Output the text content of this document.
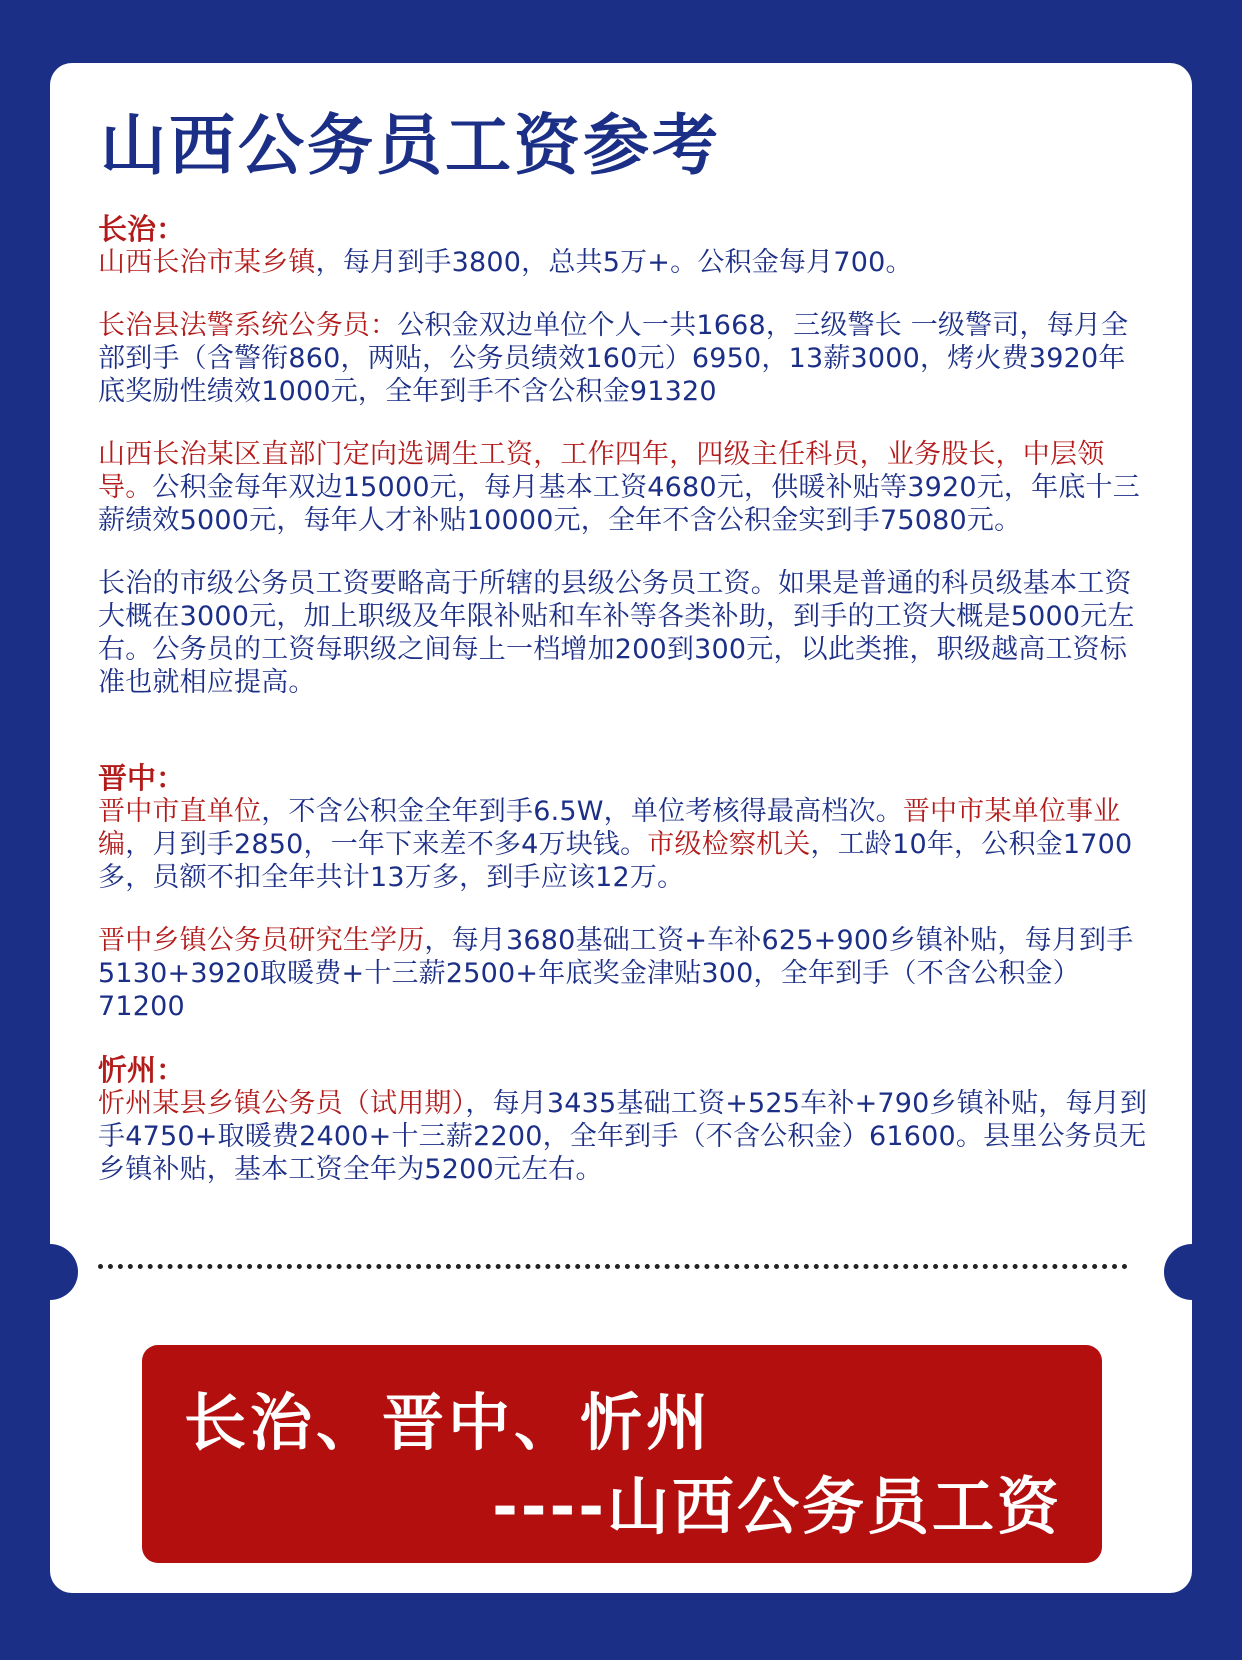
山西公务员工资参考

长治：

山西长治市某乡镇，每月到手3800，总共5万+。公积金每月700。

长治县法警系统公务员：公积金双边单位个人一共1668，三级警长 一级警司，每月全部到手（含警衔860，两贴，公务员绩效160元）6950，13薪3000，烤火费3920年底奖励性绩效1000元，全年到手不含公积金91320

山西长治某区直部门定向选调生工资，工作四年，四级主任科员，业务股长，中层领导。公积金每年双边15000元，每月基本工资4680元，供暖补贴等3920元，年底十三薪绩效5000元，每年人才补贴10000元，全年不含公积金实到手75080元。

长治的市级公务员工资要略高于所辖的县级公务员工资。如果是普通的科员级基本工资大概在3000元，加上职级及年限补贴和车补等各类补助，到手的工资大概是5000元左右。公务员的工资每职级之间每上一档增加200到300元，以此类推，职级越高工资标准也就相应提高。

晋中：

晋中市直单位，不含公积金全年到手6.5W，单位考核得最高档次。晋中市某单位事业编，月到手2850，一年下来差不多4万块钱。市级检察机关，工龄10年，公积金1700多，员额不扣全年共计13万多，到手应该12万。

晋中乡镇公务员研究生学历，每月3680基础工资+车补625+900乡镇补贴，每月到手5130+3920取暖费+十三薪2500+年底奖金津贴300，全年到手（不含公积金）71200

忻州：

忻州某县乡镇公务员（试用期），每月3435基础工资+525车补+790乡镇补贴，每月到手4750+取暖费2400+十三薪2200，全年到手（不含公积金）61600。县里公务员无乡镇补贴，基本工资全年为5200元左右。

长治、晋中、忻州
----山西公务员工资
